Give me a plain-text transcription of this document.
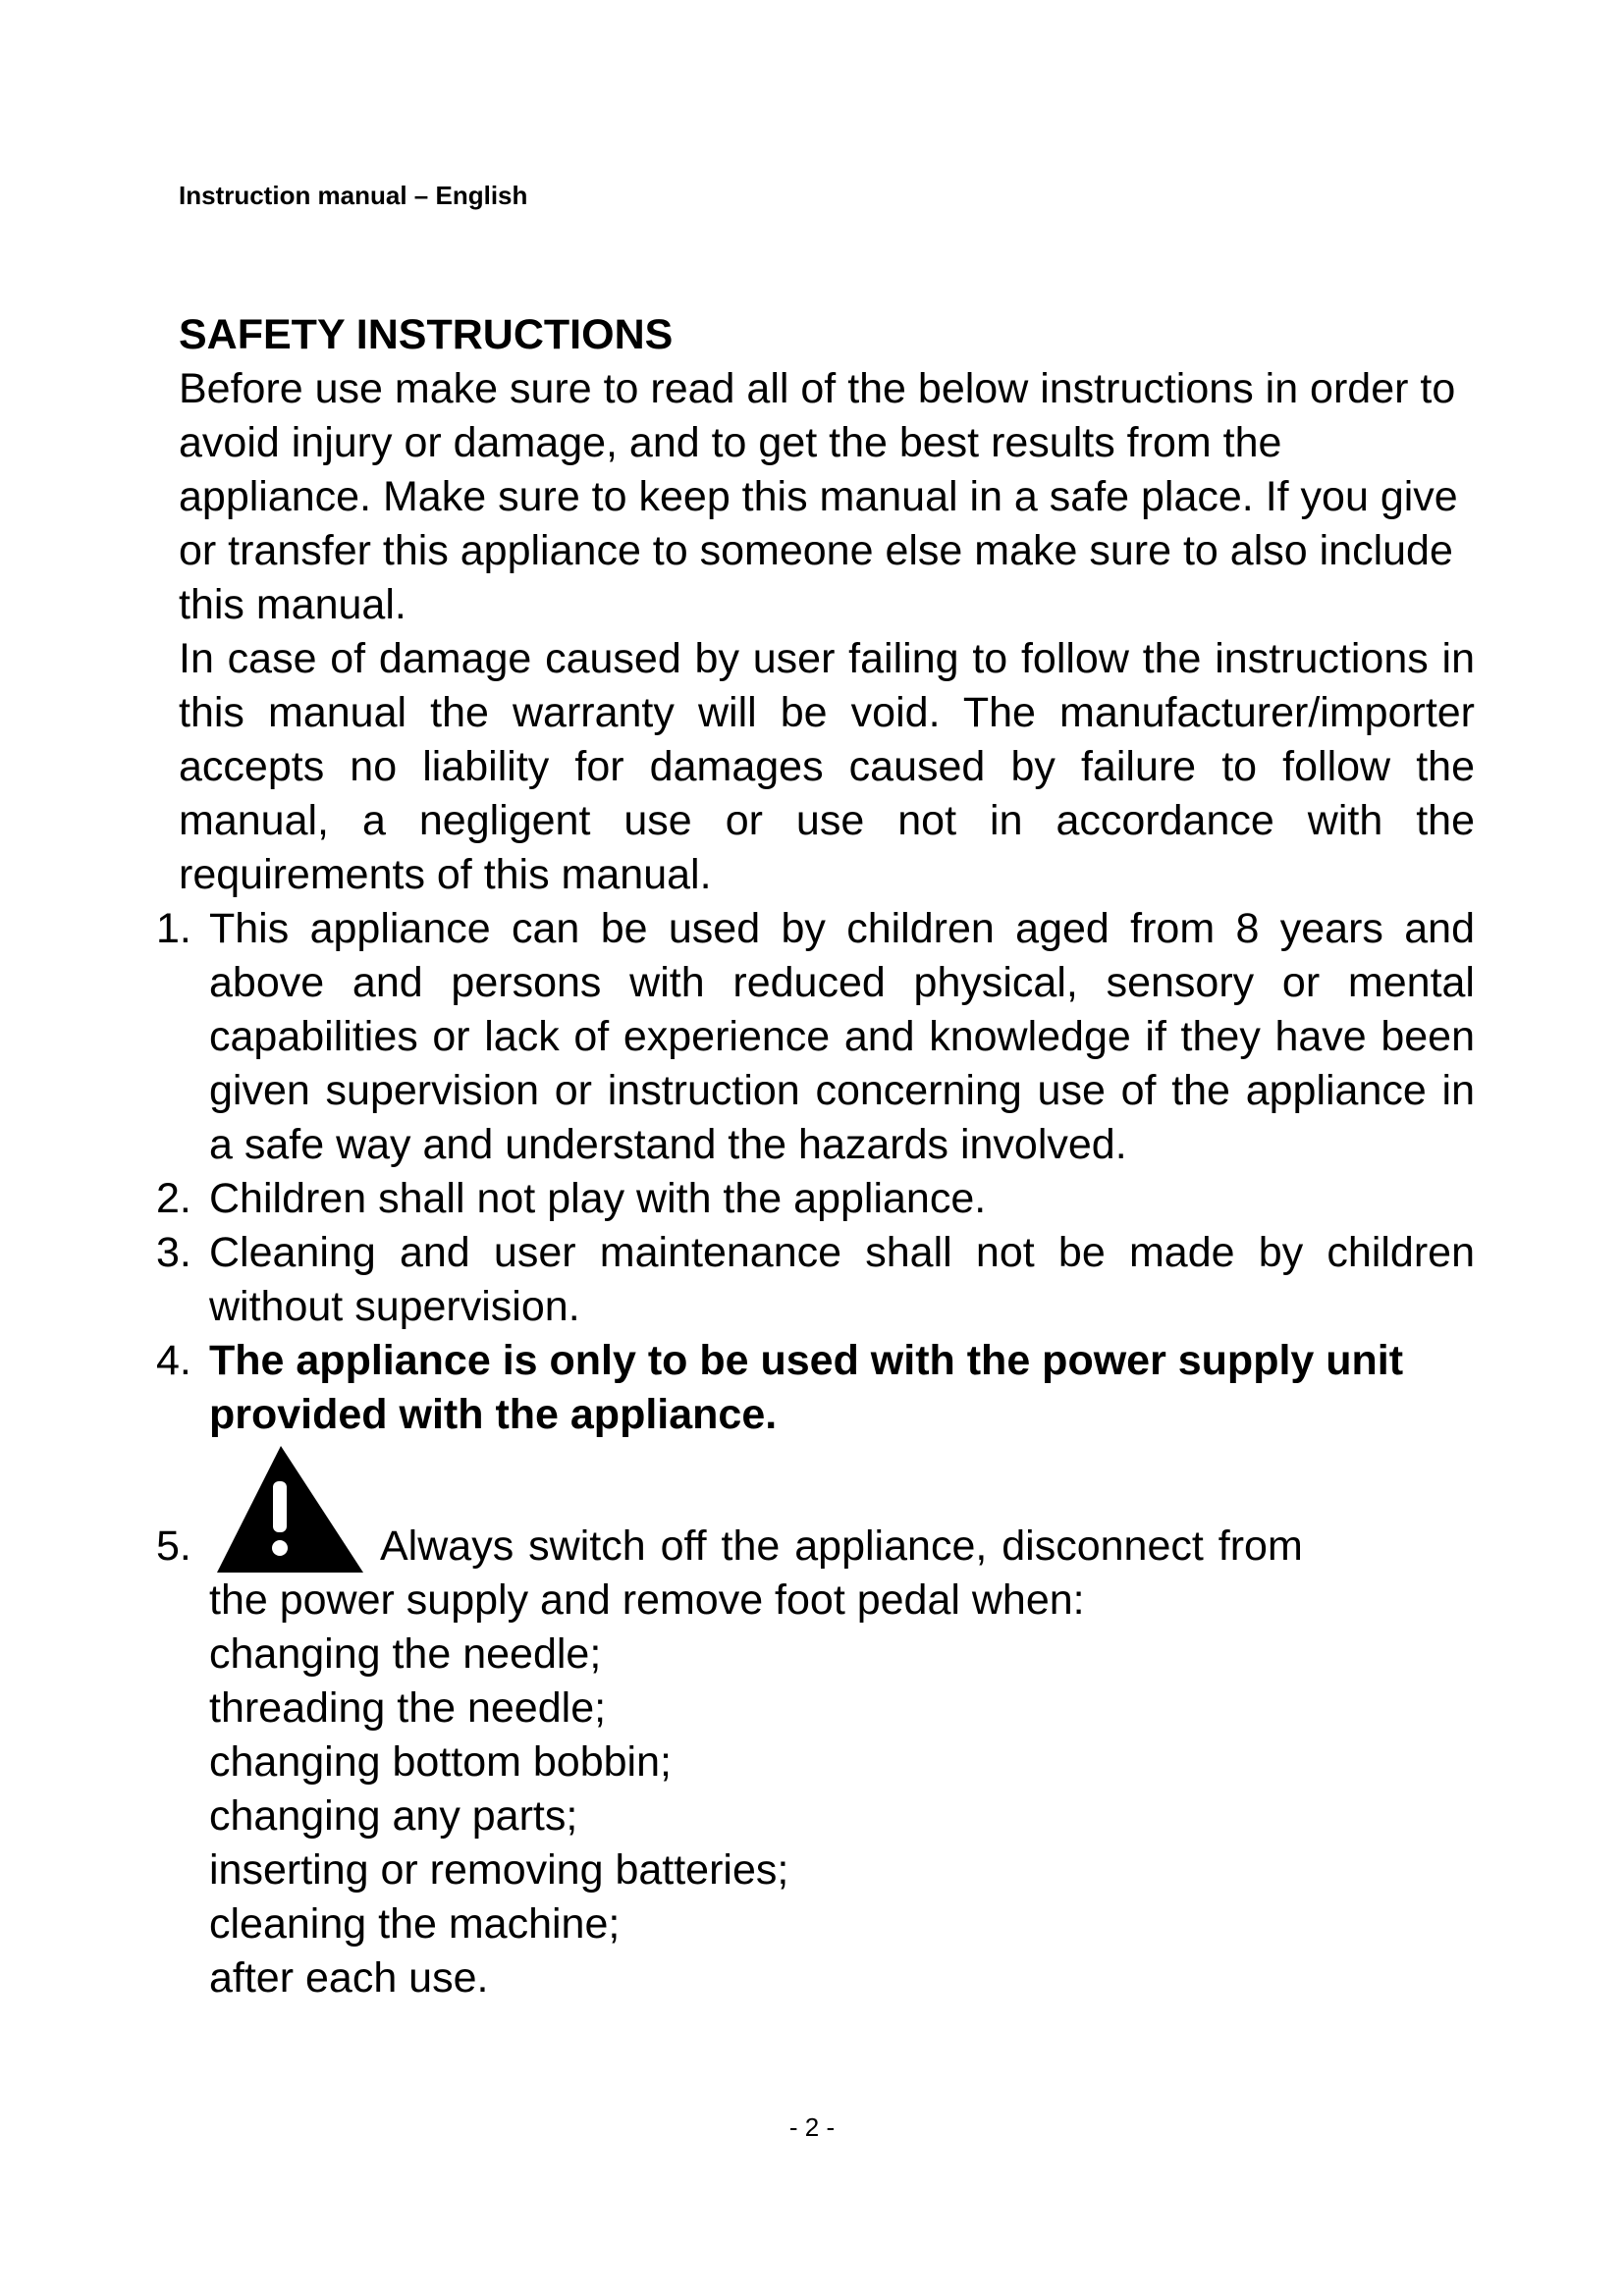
Instruction manual – English
SAFETY INSTRUCTIONS

Before use make sure to read all of the below instructions in order to avoid injury or damage, and to get the best results from the appliance. Make sure to keep this manual in a safe place. If you give or transfer this appliance to someone else make sure to also include this manual.

In case of damage caused by user failing to follow the instructions in this manual the warranty will be void. The manufacturer/importer accepts no liability for damages caused by failure to follow the manual, a negligent use or use not in accordance with the requirements of this manual.

1. This appliance can be used by children aged from 8 years and above and persons with reduced physical, sensory or mental capabilities or lack of experience and knowledge if they have been given supervision or instruction concerning use of the appliance in a safe way and understand the hazards involved.
2. Children shall not play with the appliance.
3. Cleaning and user maintenance shall not be made by children without supervision.
4. The appliance is only to be used with the power supply unit provided with the appliance.
5.	Always switch off the appliance, disconnect from
the power supply and remove foot pedal when:
changing the needle;
threading the needle;
changing bottom bobbin;
changing any parts;
inserting or removing batteries;
cleaning the machine;
after each use.
- 2 -
